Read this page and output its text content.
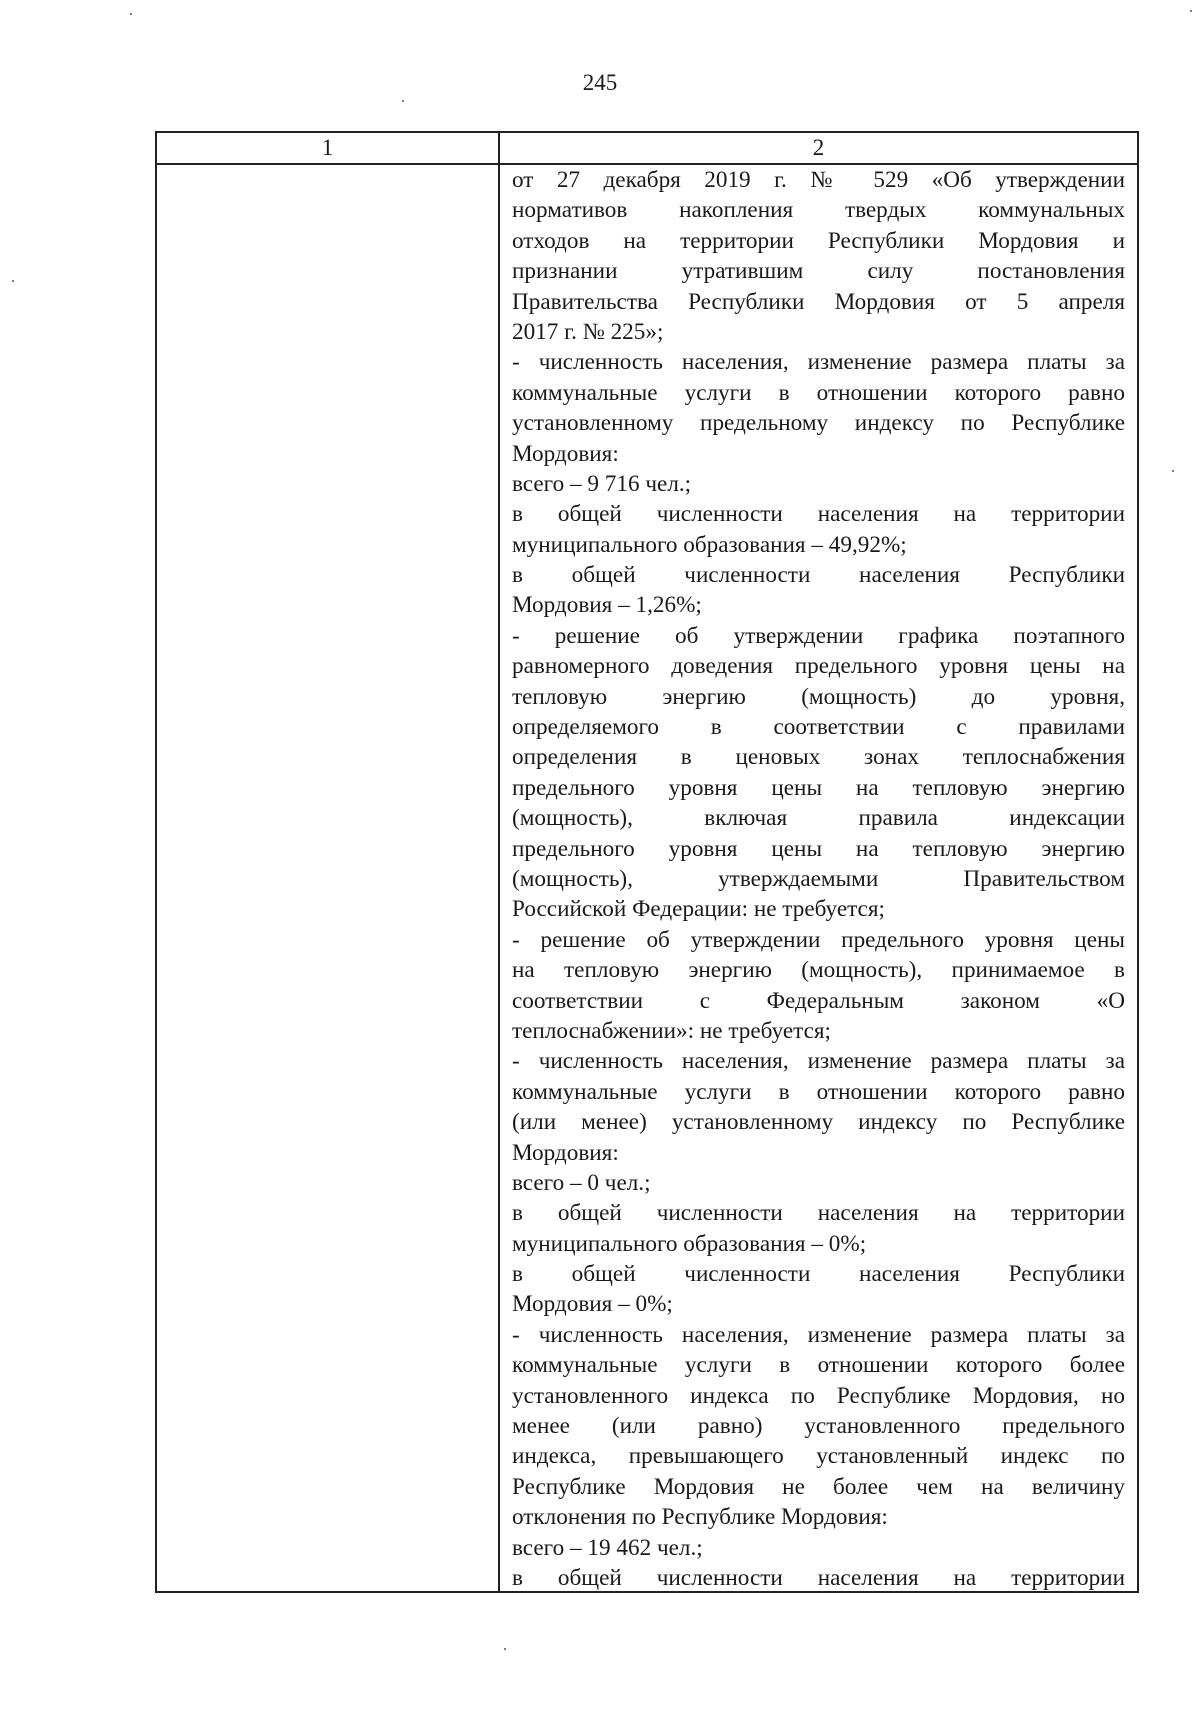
245
1	2
от 27 декабря 2019 г. № 529 «Об утверждении
нормативов накопления твердых коммунальных
отходов на территории Республики Мордовия и
признании утратившим силу постановления
Правительства Республики Мордовия от 5 апреля
2017 г. № 225»;
- численность населения, изменение размера платы за
коммунальные услуги в отношении которого равно
установленному предельному индексу по Республике
Мордовия:
всего – 9 716 чел.;
в общей численности населения на территории
муниципального образования – 49,92%;
в общей численности населения Республики
Мордовия – 1,26%;
- решение об утверждении графика поэтапного
равномерного доведения предельного уровня цены на
тепловую энергию (мощность) до уровня,
определяемого в соответствии с правилами
определения в ценовых зонах теплоснабжения
предельного уровня цены на тепловую энергию
(мощность), включая правила индексации
предельного уровня цены на тепловую энергию
(мощность), утверждаемыми Правительством
Российской Федерации: не требуется;
- решение об утверждении предельного уровня цены
на тепловую энергию (мощность), принимаемое в
соответствии с Федеральным законом «О
теплоснабжении»: не требуется;
- численность населения, изменение размера платы за
коммунальные услуги в отношении которого равно
(или менее) установленному индексу по Республике
Мордовия:
всего – 0 чел.;
в общей численности населения на территории
муниципального образования – 0%;
в общей численности населения Республики
Мордовия – 0%;
- численность населения, изменение размера платы за
коммунальные услуги в отношении которого более
установленного индекса по Республике Мордовия, но
менее (или равно) установленного предельного
индекса, превышающего установленный индекс по
Республике Мордовия не более чем на величину
отклонения по Республике Мордовия:
всего – 19 462 чел.;
в общей численности населения на территории
